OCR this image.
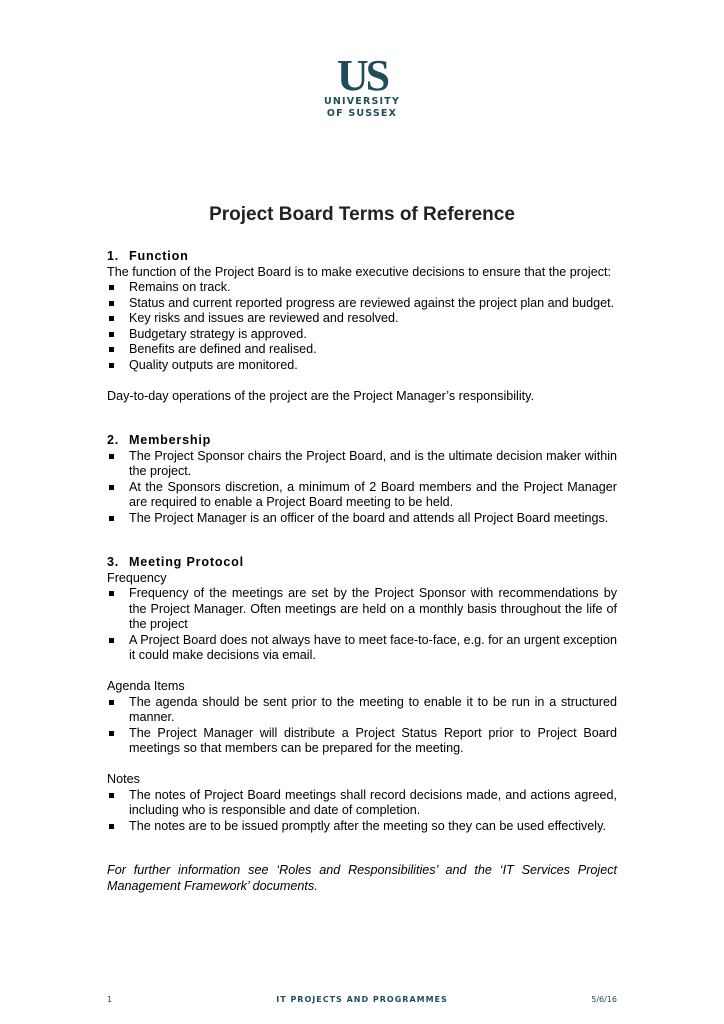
US
UNIVERSITY
OF SUSSEX
Project Board Terms of Reference
1. Function
The function of the Project Board is to make executive decisions to ensure that the project:
Remains on track.
Status and current reported progress are reviewed against the project plan and budget.
Key risks and issues are reviewed and resolved.
Budgetary strategy is approved.
Benefits are defined and realised.
Quality outputs are monitored.
Day-to-day operations of the project are the Project Manager’s responsibility.
2. Membership
The Project Sponsor chairs the Project Board, and is the ultimate decision maker within the project.
At the Sponsors discretion, a minimum of 2 Board members and the Project Manager are required to enable a Project Board meeting to be held.
The Project Manager is an officer of the board and attends all Project Board meetings.
3. Meeting Protocol
Frequency
Frequency of the meetings are set by the Project Sponsor with recommendations by the Project Manager. Often meetings are held on a monthly basis throughout the life of the project
A Project Board does not always have to meet face-to-face, e.g. for an urgent exception it could make decisions via email.
Agenda Items
The agenda should be sent prior to the meeting to enable it to be run in a structured manner.
The Project Manager will distribute a Project Status Report prior to Project Board meetings so that members can be prepared for the meeting.
Notes
The notes of Project Board meetings shall record decisions made, and actions agreed, including who is responsible and date of completion.
The notes are to be issued promptly after the meeting so they can be used effectively.
For further information see ‘Roles and Responsibilities’ and the ‘IT Services Project Management Framework’ documents.
1	IT PROJECTS AND PROGRAMMES	5/6/16
